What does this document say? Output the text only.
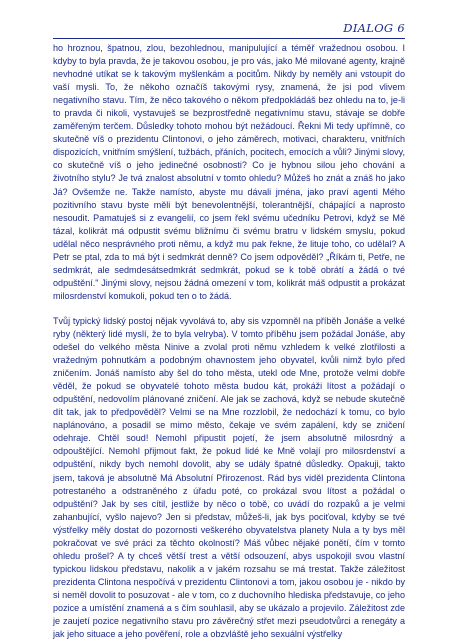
DIALOG 6

ho hroznou, špatnou, zlou, bezohlednou, manipulující a téměř vražednou osobou. I kdyby to byla pravda, že je takovou osobou, je pro vás, jako Mé milované agenty, krajně nevhodné utíkat se k takovým myšlenkám a pocitům. Nikdy by neměly ani vstoupit do vaší mysli. To, že někoho označíš takovými rysy, znamená, že jsi pod vlivem negativního stavu. Tím, že něco takového o někom předpokládáš bez ohledu na to, je-li to pravda či nikoli, vystavuješ se bezprostředně negativnímu stavu, stávaje se dobře zaměřeným terčem. Důsledky tohoto mohou být nežádoucí. Řekni Mi tedy upřímně, co skutečně víš o prezidentu Clintonovi, o jeho záměrech, motivaci, charakteru, vnitřních dispozicích, vnitřním smýšlení, tužbách, přáních, pocitech, emocích a vůli? Jinými slovy, co skutečně víš o jeho jedinečné osobnosti? Co je hybnou silou jeho chování a životního stylu? Je tvá znalost absolutní v tomto ohledu? Můžeš ho znát a znáš ho jako Já? Ovšemže ne. Takže namísto, abyste mu dávali jména, jako praví agenti Mého pozitivního stavu byste měli být benevolentnější, tolerantnější, chápající a naprosto nesoudit. Pamatuješ si z evangelií, co jsem řekl svému učedníku Petrovi, když se Mě tázal, kolikrát má odpustit svému bližnímu či svému bratru v lidském smyslu, pokud udělal něco nesprávného proti němu, a když mu pak řekne, že lituje toho, co udělal? A Petr se ptal, zda to má být i sedmkrát denně? Co jsem odpověděl? „Říkám ti, Petře, ne sedmkrát, ale sedmdesátsedmkrát sedmkrát, pokud se k tobě obrátí a žádá o tvé odpuštění." Jinými slovy, nejsou žádná omezení v tom, kolikrát máš odpustit a prokázat milosrdenství komukoli, pokud ten o to žádá.

Tvůj typický lidský postoj nějak vyvolává to, aby sis vzpomněl na příběh Jonáše a velké ryby (některý lidé myslí, že to byla velryba). V tomto příběhu jsem požádal Jonáše, aby odešel do velkého města Ninive a zvolal proti němu vzhledem k velké zlotřilosti a vražedným pohnutkám a podobným ohavnostem jeho obyvatel, kvůli nimž bylo před zničením. Jonáš namísto aby šel do toho města, utekl ode Mne, protože velmi dobře věděl, že pokud se obyvatelé tohoto města budou kát, prokáži lítost a požádají o odpuštění, nedovolím plánované zničení. Ale jak se zachová, když se nebude skutečně dít tak, jak to předpověděl? Velmi se na Mne rozzlobil, že nedochází k tomu, co bylo naplánováno, a posadil se mimo město, čekaje ve svém zapálení, kdy se zničení odehraje. Chtěl soud! Nemohl připustit pojetí, že jsem absolutně milosrdný a odpouštějící. Nemohl přijmout fakt, že pokud lidé ke Mně volají pro milosrdenství a odpuštění, nikdy bych nemohl dovolit, aby se udály špatné důsledky. Opakuji, takto jsem, taková je absolutně Má Absolutní Přirozenost. Rád bys viděl prezidenta Clintona potrestaného a odstraněného z úřadu poté, co prokázal svou lítost a požádal o odpuštění? Jak by ses cítil, jestliže by něco o tobě, co uvádí do rozpaků a je velmi zahanbující, vyšlo najevo? Jen si představ, můžeš-li, jak bys pociťoval, kdyby se tvé výstřelky měly dostat do pozornosti veškerého obyvatelstva planety Nula a ty bys měl pokračovat ve své práci za těchto okolností? Máš vůbec nějaké ponětí, čím v tomto ohledu prošel? A ty chceš větší trest a větší odsouzení, abys uspokojil svou vlastní typickou lidskou představu, nakolik a v jakém rozsahu se má trestat. Takže záležitost prezidenta Clintona nespočívá v prezidentu Clintonovi a tom, jakou osobou je - nikdo by si neměl dovolit to posuzovat - ale v tom, co z duchovního hlediska představuje, co jeho pozice a umístění znamená a s čím souhlasil, aby se ukázalo a projevilo. Záležitost zde je zaujetí pozice negativního stavu pro závěrečný střet mezi pseudotvůrci a renegáty a jak jeho situace a jeho pověření, role a obzvláště jeho sexuální výstřelky
